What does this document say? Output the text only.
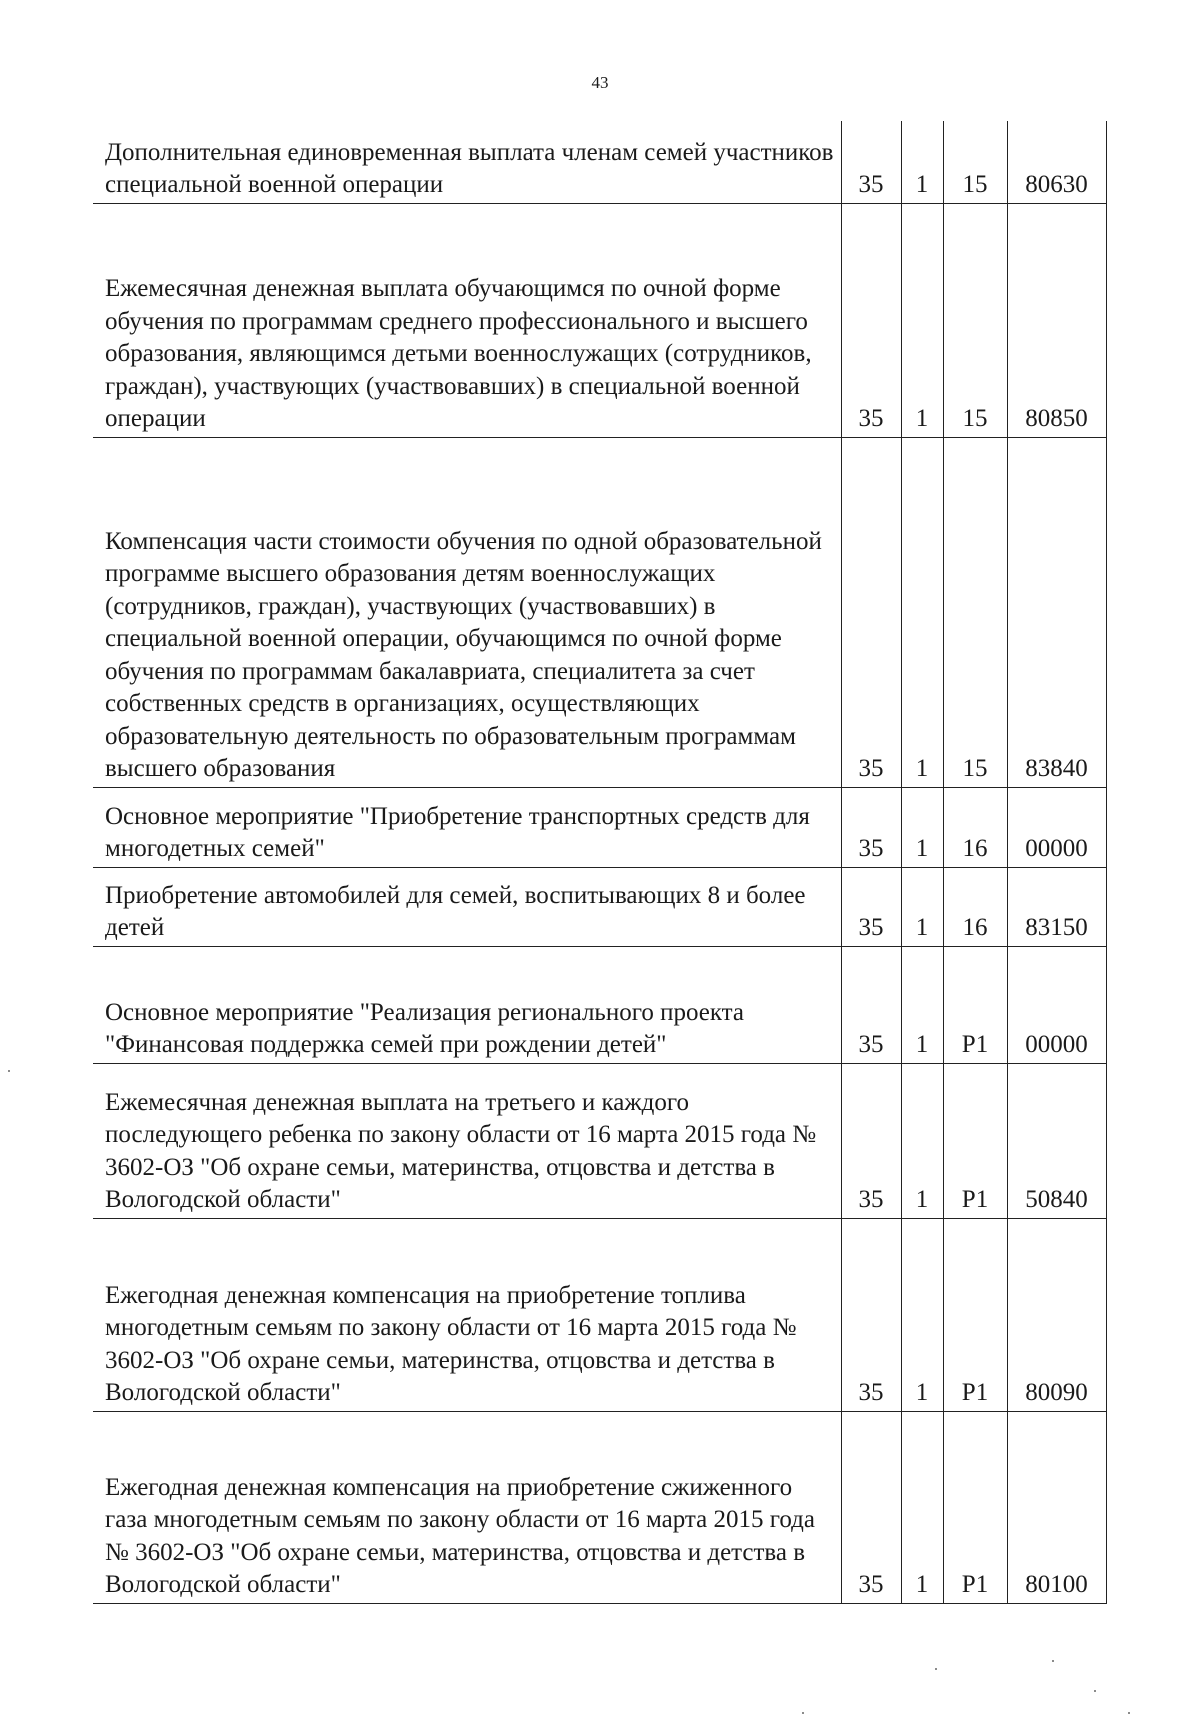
43
Дополнительная единовременная выплата членам семей участников специальной военной операции	35	1	15	80630
Ежемесячная денежная выплата обучающимся по очной форме обучения по программам среднего профессионального и высшего образования, являющимся детьми военнослужащих (сотрудников, граждан), участвующих (участвовавших) в специальной военной операции	35	1	15	80850
Компенсация части стоимости обучения по одной образовательной программе высшего образования детям военнослужащих (сотрудников, граждан), участвующих (участвовавших) в специальной военной операции, обучающимся по очной форме обучения по программам бакалавриата, специалитета за счет собственных средств в организациях, осуществляющих образовательную деятельность по образовательным программам высшего образования	35	1	15	83840
Основное мероприятие "Приобретение транспортных средств для многодетных семей"	35	1	16	00000
Приобретение автомобилей для семей, воспитывающих 8 и более детей	35	1	16	83150
Основное мероприятие "Реализация регионального проекта "Финансовая поддержка семей при рождении детей"	35	1	Р1	00000
Ежемесячная денежная выплата на третьего и каждого последующего ребенка по закону области от 16 марта 2015 года № 3602-ОЗ "Об охране семьи, материнства, отцовства и детства в Вологодской области"	35	1	Р1	50840
Ежегодная денежная компенсация на приобретение топлива многодетным семьям по закону области от 16 марта 2015 года № 3602-ОЗ "Об охране семьи, материнства, отцовства и детства в Вологодской области"	35	1	Р1	80090
Ежегодная денежная компенсация на приобретение сжиженного газа многодетным семьям по закону области от 16 марта 2015 года № 3602-ОЗ "Об охране семьи, материнства, отцовства и детства в Вологодской области"	35	1	Р1	80100
